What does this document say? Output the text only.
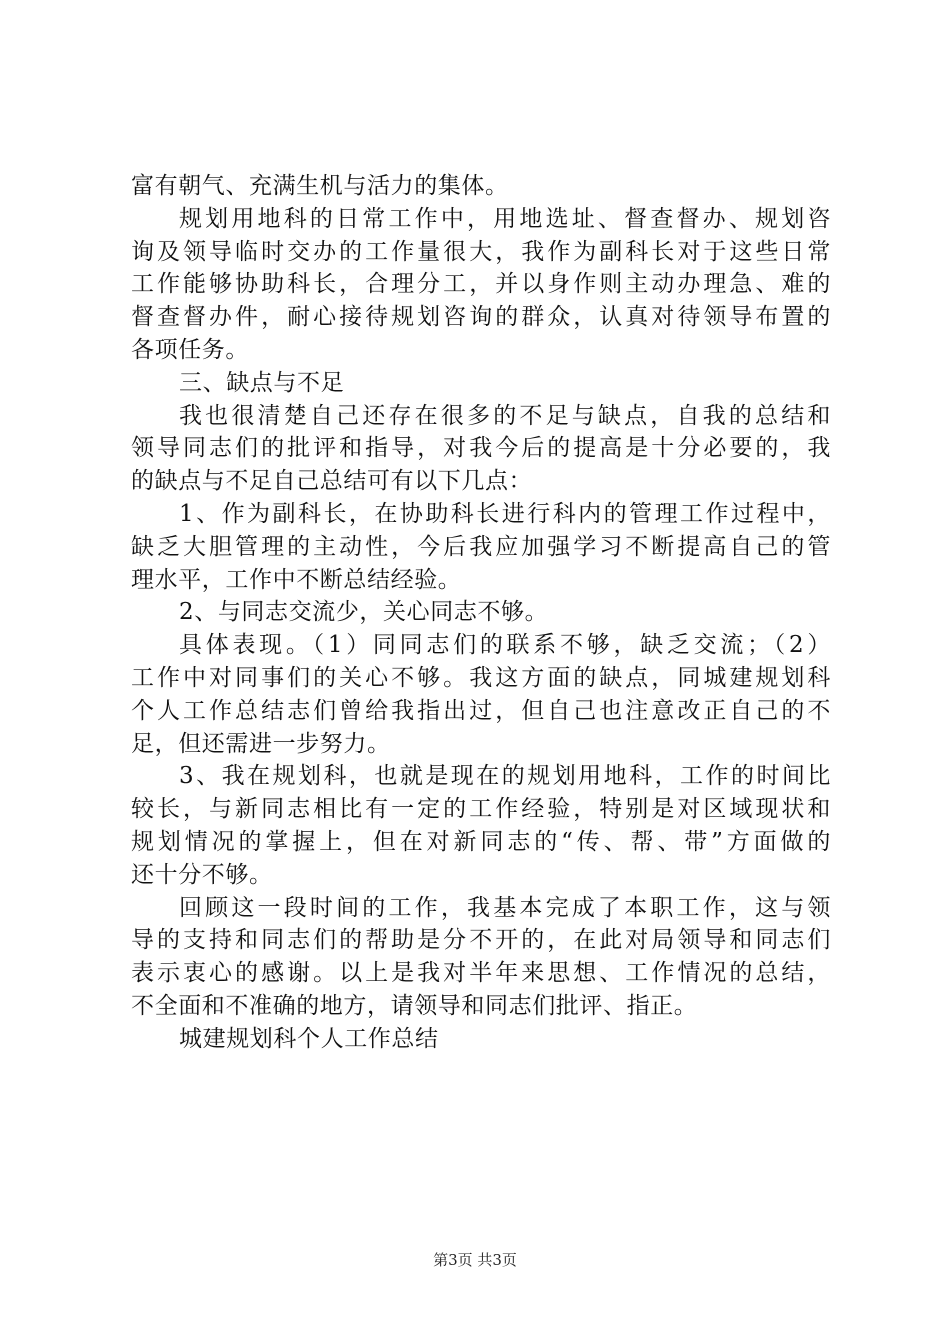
富有朝气、充满生机与活力的集体。
规划用地科的日常工作中，用地选址、督查督办、规划咨
询及领导临时交办的工作量很大，我作为副科长对于这些日常
工作能够协助科长，合理分工，并以身作则主动办理急、难的
督查督办件，耐心接待规划咨询的群众，认真对待领导布置的
各项任务。
三、缺点与不足
我也很清楚自己还存在很多的不足与缺点，自我的总结和
领导同志们的批评和指导，对我今后的提高是十分必要的，我
的缺点与不足自己总结可有以下几点：
1、作为副科长，在协助科长进行科内的管理工作过程中，
缺乏大胆管理的主动性，今后我应加强学习不断提高自己的管
理水平，工作中不断总结经验。
2、与同志交流少，关心同志不够。
具体表现。（1）同同志们的联系不够，缺乏交流；（2）
工作中对同事们的关心不够。我这方面的缺点，同城建规划科
个人工作总结志们曾给我指出过，但自己也注意改正自己的不
足，但还需进一步努力。
3、我在规划科，也就是现在的规划用地科，工作的时间比
较长，与新同志相比有一定的工作经验，特别是对区域现状和
规划情况的掌握上，但在对新同志的“传、帮、带”方面做的
还十分不够。
回顾这一段时间的工作，我基本完成了本职工作，这与领
导的支持和同志们的帮助是分不开的，在此对局领导和同志们
表示衷心的感谢。以上是我对半年来思想、工作情况的总结，
不全面和不准确的地方，请领导和同志们批评、指正。
城建规划科个人工作总结
第3页 共3页
